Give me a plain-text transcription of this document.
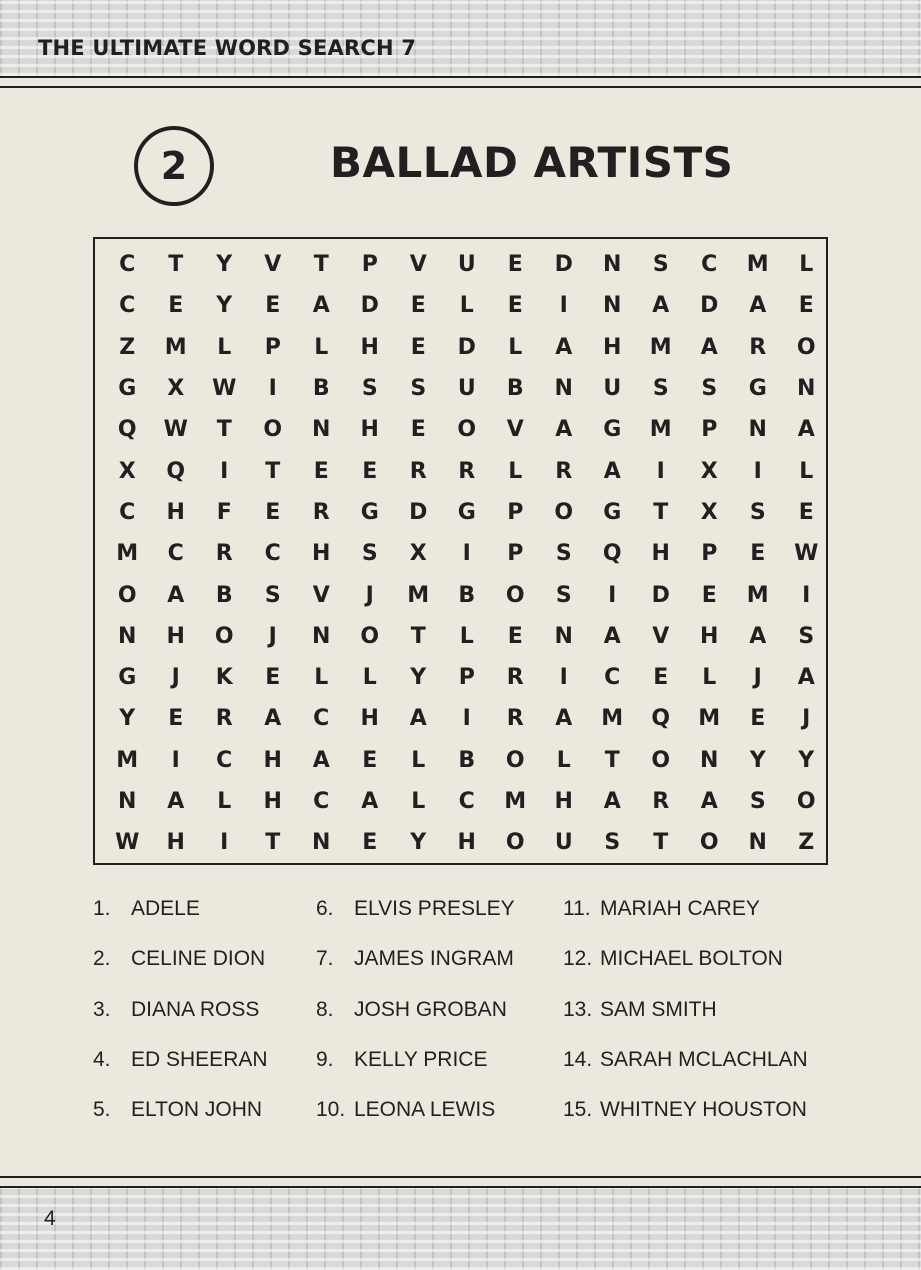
THE ULTIMATE WORD SEARCH 7
2	BALLAD ARTISTS
C	T	Y	V	T	P	V	U	E	D	N	S	C	M	L
C	E	Y	E	A	D	E	L	E	I	N	A	D	A	E
Z	M	L	P	L	H	E	D	L	A	H	M	A	R	O
G	X	W	I	B	S	S	U	B	N	U	S	S	G	N
Q	W	T	O	N	H	E	O	V	A	G	M	P	N	A
X	Q	I	T	E	E	R	R	L	R	A	I	X	I	L
C	H	F	E	R	G	D	G	P	O	G	T	X	S	E
M	C	R	C	H	S	X	I	P	S	Q	H	P	E	W
O	A	B	S	V	J	M	B	O	S	I	D	E	M	I
N	H	O	J	N	O	T	L	E	N	A	V	H	A	S
G	J	K	E	L	L	Y	P	R	I	C	E	L	J	A
Y	E	R	A	C	H	A	I	R	A	M	Q	M	E	J
M	I	C	H	A	E	L	B	O	L	T	O	N	Y	Y
N	A	L	H	C	A	L	C	M	H	A	R	A	S	O
W	H	I	T	N	E	Y	H	O	U	S	T	O	N	Z
1. ADELE
2. CELINE DION
3. DIANA ROSS
4. ED SHEERAN
5. ELTON JOHN
6. ELVIS PRESLEY
7. JAMES INGRAM
8. JOSH GROBAN
9. KELLY PRICE
10. LEONA LEWIS
11. MARIAH CAREY
12. MICHAEL BOLTON
13. SAM SMITH
14. SARAH MCLACHLAN
15. WHITNEY HOUSTON

4
